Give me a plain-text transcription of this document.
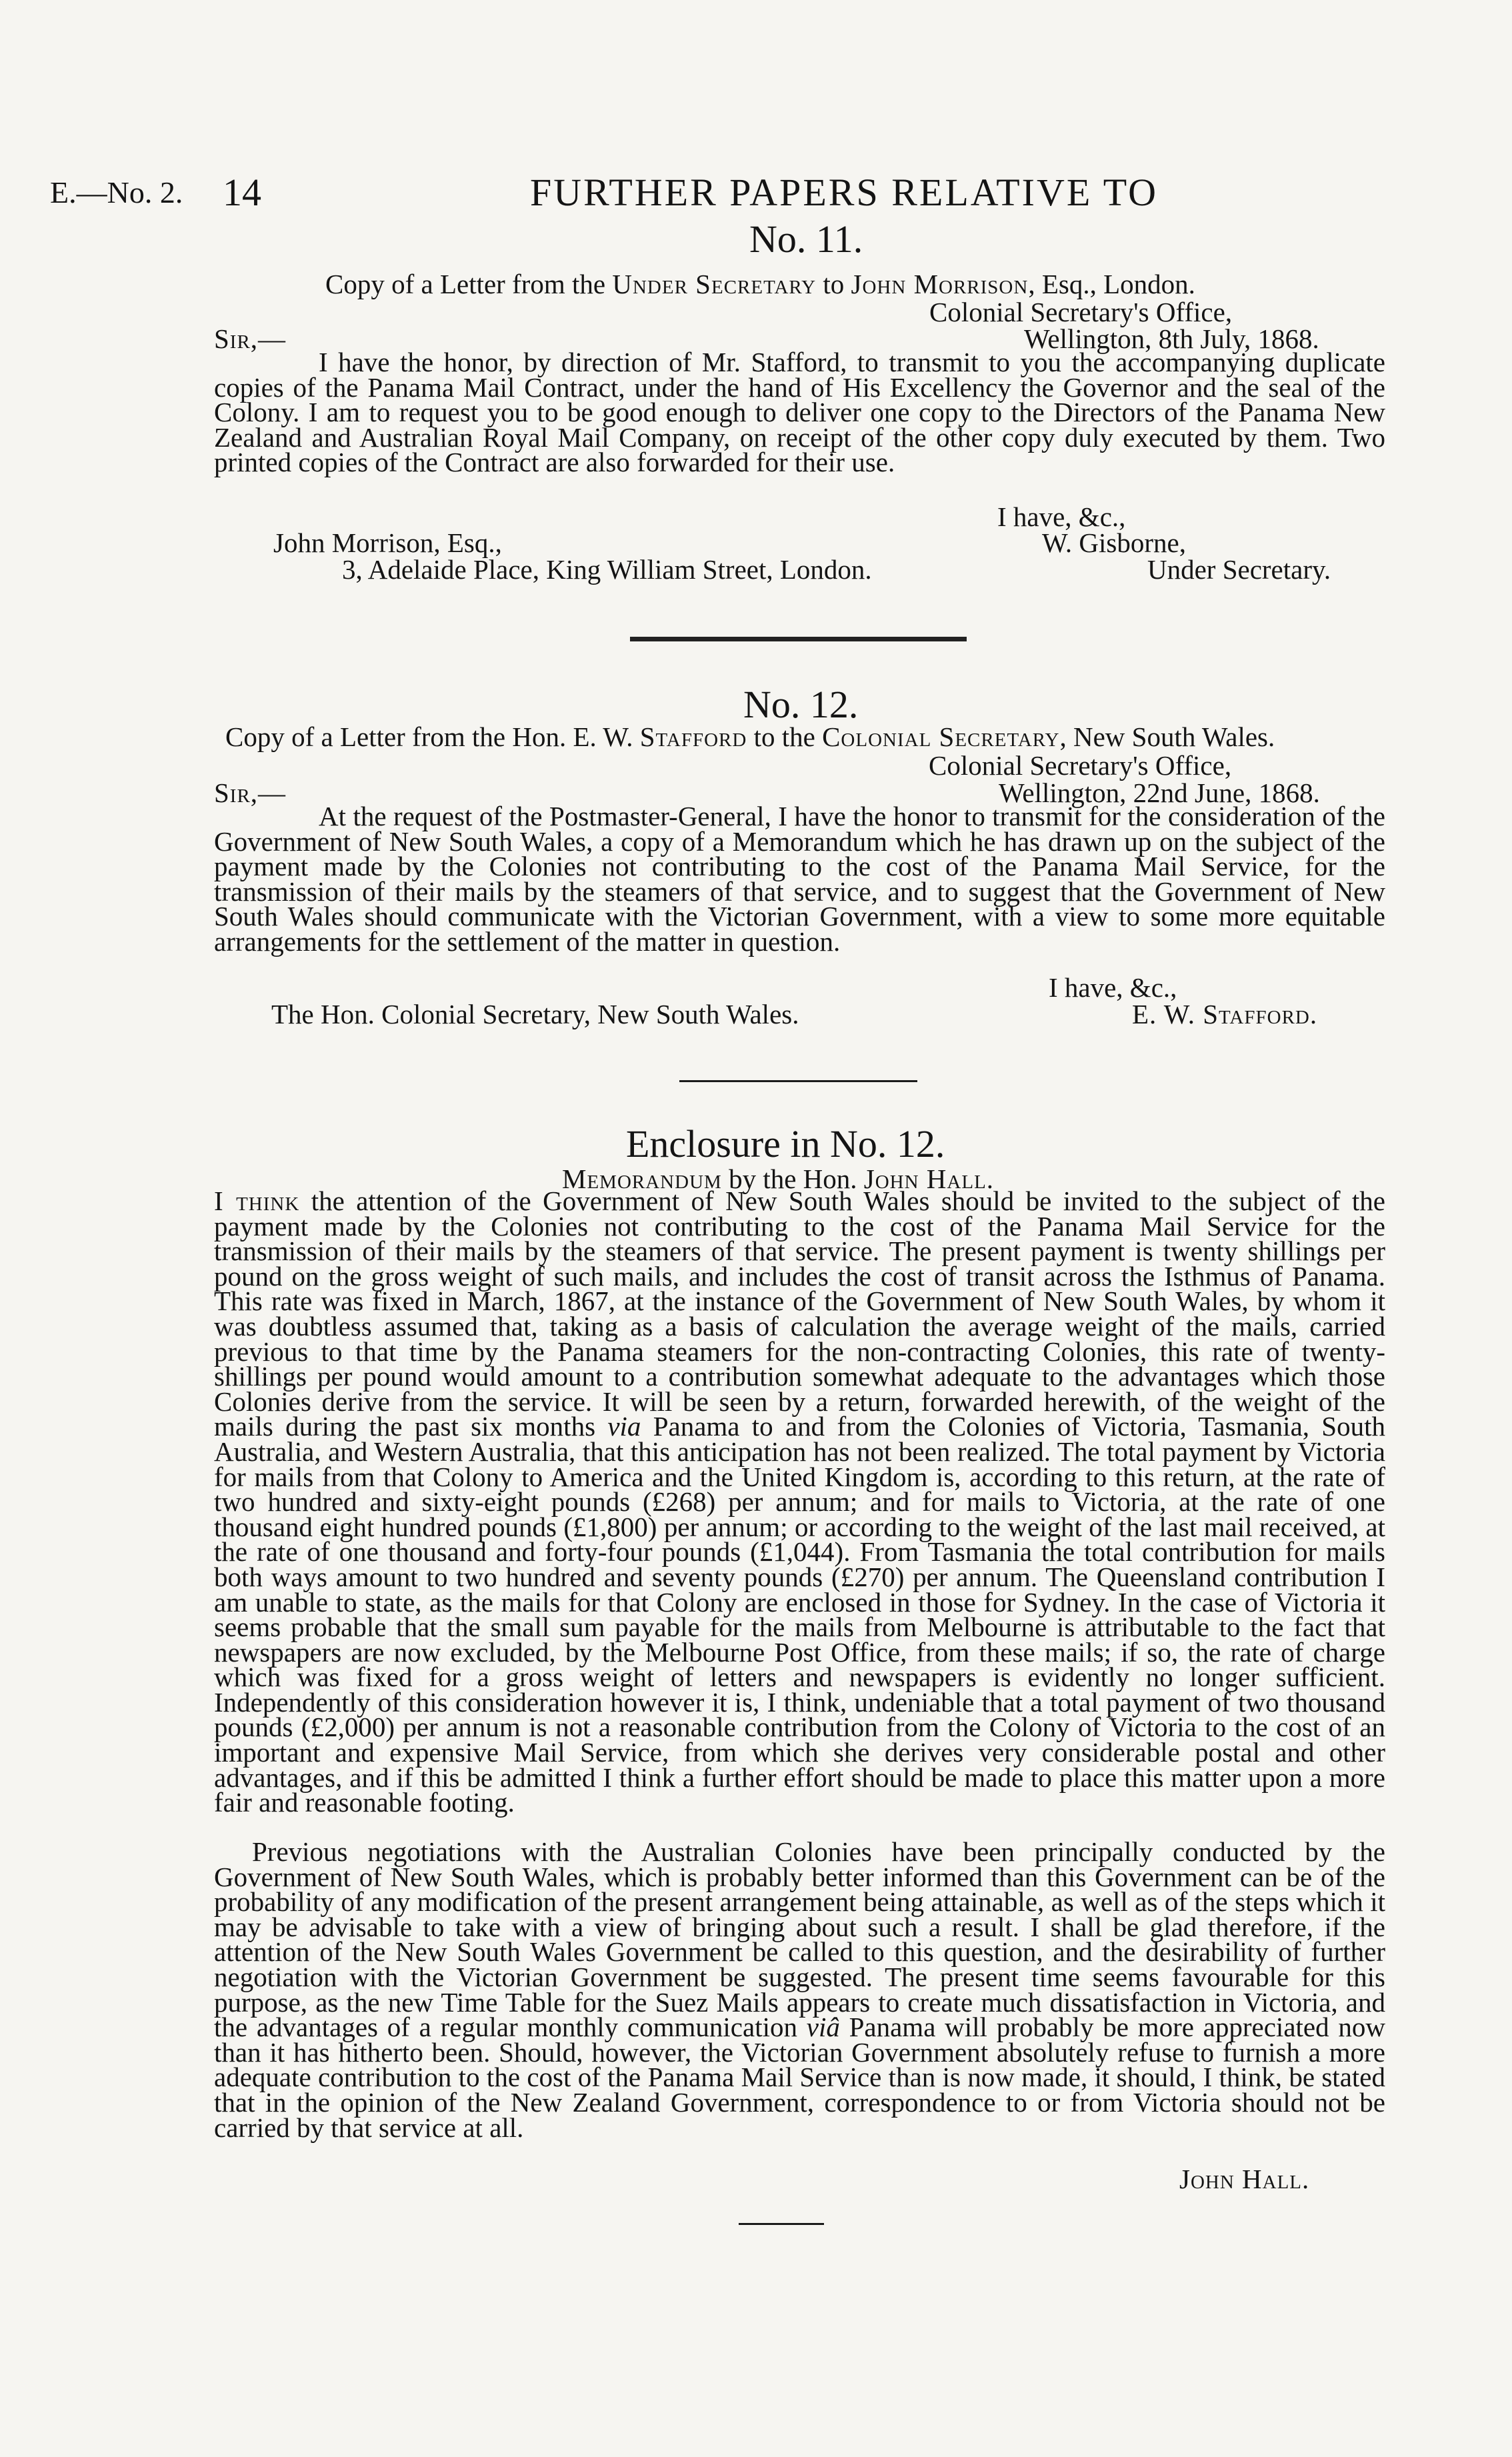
E.—No. 2. 14	FURTHER PAPERS RELATIVE TO
No. 11.
Copy of a Letter from the Under Secretary to John Morrison, Esq., London.
Colonial Secretary's Office,
Sir,—	Wellington, 8th July, 1868.
I have the honor, by direction of Mr. Stafford, to transmit to you the accompanying duplicate copies of the Panama Mail Contract, under the hand of His Excellency the Governor and the seal of the Colony. I am to request you to be good enough to deliver one copy to the Directors of the Panama New Zealand and Australian Royal Mail Company, on receipt of the other copy duly executed by them. Two printed copies of the Contract are also forwarded for their use.
I have, &c.,
John Morrison, Esq.,	W. Gisborne,
3, Adelaide Place, King William Street, London.	Under Secretary.
No. 12.
Copy of a Letter from the Hon. E. W. Stafford to the Colonial Secretary, New South Wales.
Colonial Secretary's Office,
Sir,—	Wellington, 22nd June, 1868.
At the request of the Postmaster-General, I have the honor to transmit for the consideration of the Government of New South Wales, a copy of a Memorandum which he has drawn up on the subject of the payment made by the Colonies not contributing to the cost of the Panama Mail Service, for the transmission of their mails by the steamers of that service, and to suggest that the Government of New South Wales should communicate with the Victorian Government, with a view to some more equitable arrangements for the settlement of the matter in question.
I have, &c.,
The Hon. Colonial Secretary, New South Wales.	E. W. Stafford.
Enclosure in No. 12.
Memorandum by the Hon. John Hall.
I think the attention of the Government of New South Wales should be invited to the subject of the payment made by the Colonies not contributing to the cost of the Panama Mail Service for the transmission of their mails by the steamers of that service. The present payment is twenty shillings per pound on the gross weight of such mails, and includes the cost of transit across the Isthmus of Panama. This rate was fixed in March, 1867, at the instance of the Government of New South Wales, by whom it was doubtless assumed that, taking as a basis of calculation the average weight of the mails, carried previous to that time by the Panama steamers for the non-contracting Colonies, this rate of twenty-shillings per pound would amount to a contribution somewhat adequate to the advantages which those Colonies derive from the service. It will be seen by a return, forwarded herewith, of the weight of the mails during the past six months via Panama to and from the Colonies of Victoria, Tasmania, South Australia, and Western Australia, that this anticipation has not been realized. The total payment by Victoria for mails from that Colony to America and the United Kingdom is, according to this return, at the rate of two hundred and sixty-eight pounds (£268) per annum; and for mails to Victoria, at the rate of one thousand eight hundred pounds (£1,800) per annum; or according to the weight of the last mail received, at the rate of one thousand and forty-four pounds (£1,044). From Tasmania the total contribution for mails both ways amount to two hundred and seventy pounds (£270) per annum. The Queensland contribution I am unable to state, as the mails for that Colony are enclosed in those for Sydney. In the case of Victoria it seems probable that the small sum payable for the mails from Melbourne is attributable to the fact that newspapers are now excluded, by the Melbourne Post Office, from these mails; if so, the rate of charge which was fixed for a gross weight of letters and newspapers is evidently no longer sufficient. Independently of this consideration however it is, I think, undeniable that a total payment of two thousand pounds (£2,000) per annum is not a reasonable contribution from the Colony of Victoria to the cost of an important and expensive Mail Service, from which she derives very considerable postal and other advantages, and if this be admitted I think a further effort should be made to place this matter upon a more fair and reasonable footing.
Previous negotiations with the Australian Colonies have been principally conducted by the Government of New South Wales, which is probably better informed than this Government can be of the probability of any modification of the present arrangement being attainable, as well as of the steps which it may be advisable to take with a view of bringing about such a result. I shall be glad therefore, if the attention of the New South Wales Government be called to this question, and the desirability of further negotiation with the Victorian Government be suggested. The present time seems favourable for this purpose, as the new Time Table for the Suez Mails appears to create much dissatisfaction in Victoria, and the advantages of a regular monthly communication viâ Panama will probably be more appreciated now than it has hitherto been. Should, however, the Victorian Government absolutely refuse to furnish a more adequate contribution to the cost of the Panama Mail Service than is now made, it should, I think, be stated that in the opinion of the New Zealand Government, correspondence to or from Victoria should not be carried by that service at all.
John Hall.
